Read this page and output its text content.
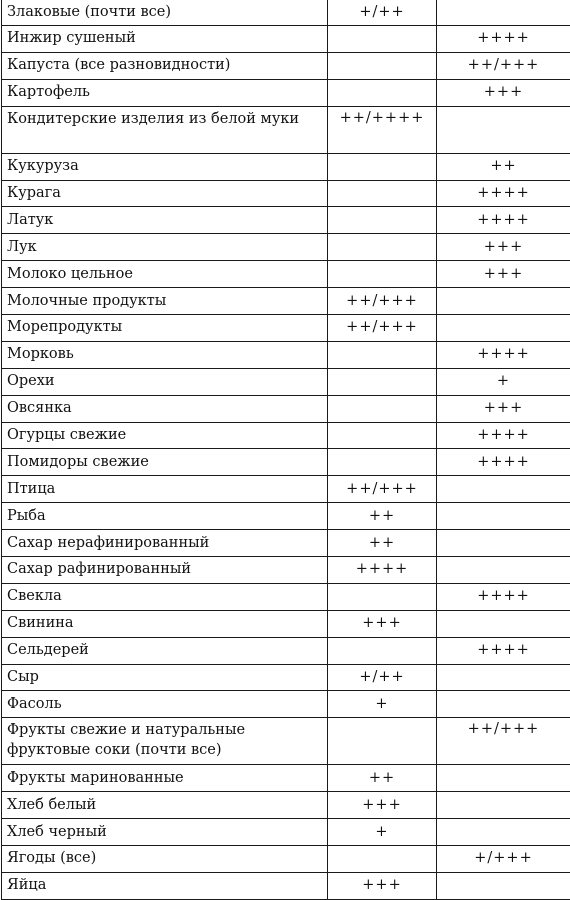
Злаковые (почти все)	+/++	
Инжир сушеный		++++
Капуста (все разновидности)		++/+++
Картофель		+++
Кондитерские изделия из белой муки	++/++++	
Кукуруза		++
Курага		++++
Латук		++++
Лук		+++
Молоко цельное		+++
Молочные продукты	++/+++	
Морепродукты	++/+++	
Морковь		++++
Орехи		+
Овсянка		+++
Огурцы свежие		++++
Помидоры свежие		++++
Птица	++/+++	
Рыба	++	
Сахар нерафинированный	++	
Сахар рафинированный	++++	
Свекла		++++
Свинина	+++	
Сельдерей		++++
Сыр	+/++	
Фасоль	+	
Фрукты свежие и натуральные фруктовые соки (почти все)		++/+++
Фрукты маринованные	++	
Хлеб белый	+++	
Хлеб черный	+	
Ягоды (все)		+/+++
Яйца	+++	
